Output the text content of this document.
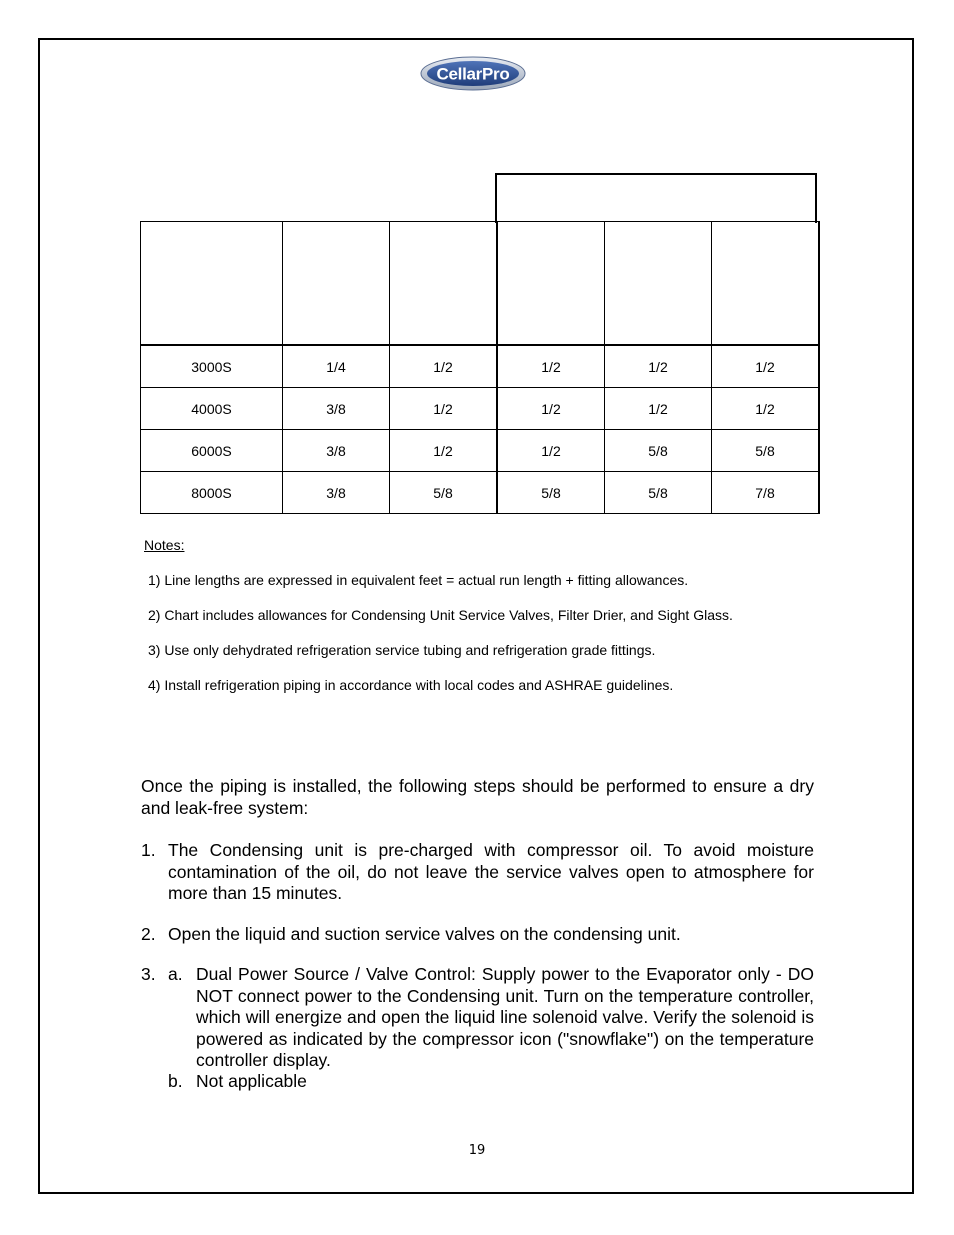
CellarPro

3000S	1/4	1/2	1/2	1/2	1/2
4000S	3/8	1/2	1/2	1/2	1/2
6000S	3/8	1/2	1/2	5/8	5/8
8000S	3/8	5/8	5/8	5/8	7/8
Notes:
1) Line lengths are expressed in equivalent feet = actual run length + fitting allowances.
2) Chart includes allowances for Condensing Unit Service Valves, Filter Drier, and Sight Glass.
3) Use only dehydrated refrigeration service tubing and refrigeration grade fittings.
4) Install refrigeration piping in accordance with local codes and ASHRAE guidelines.
Once the piping is installed, the following steps should be performed to ensure a dry and leak-free system:
1. The Condensing unit is pre-charged with compressor oil. To avoid moisture contamination of the oil, do not leave the service valves open to atmosphere for more than 15 minutes.
2. Open the liquid and suction service valves on the condensing unit.
3. a. Dual Power Source / Valve Control: Supply power to the Evaporator only - DO NOT connect power to the Condensing unit. Turn on the temperature controller, which will energize and open the liquid line solenoid valve. Verify the solenoid is powered as indicated by the compressor icon ("snowflake") on the temperature controller display.
b. Not applicable
19
